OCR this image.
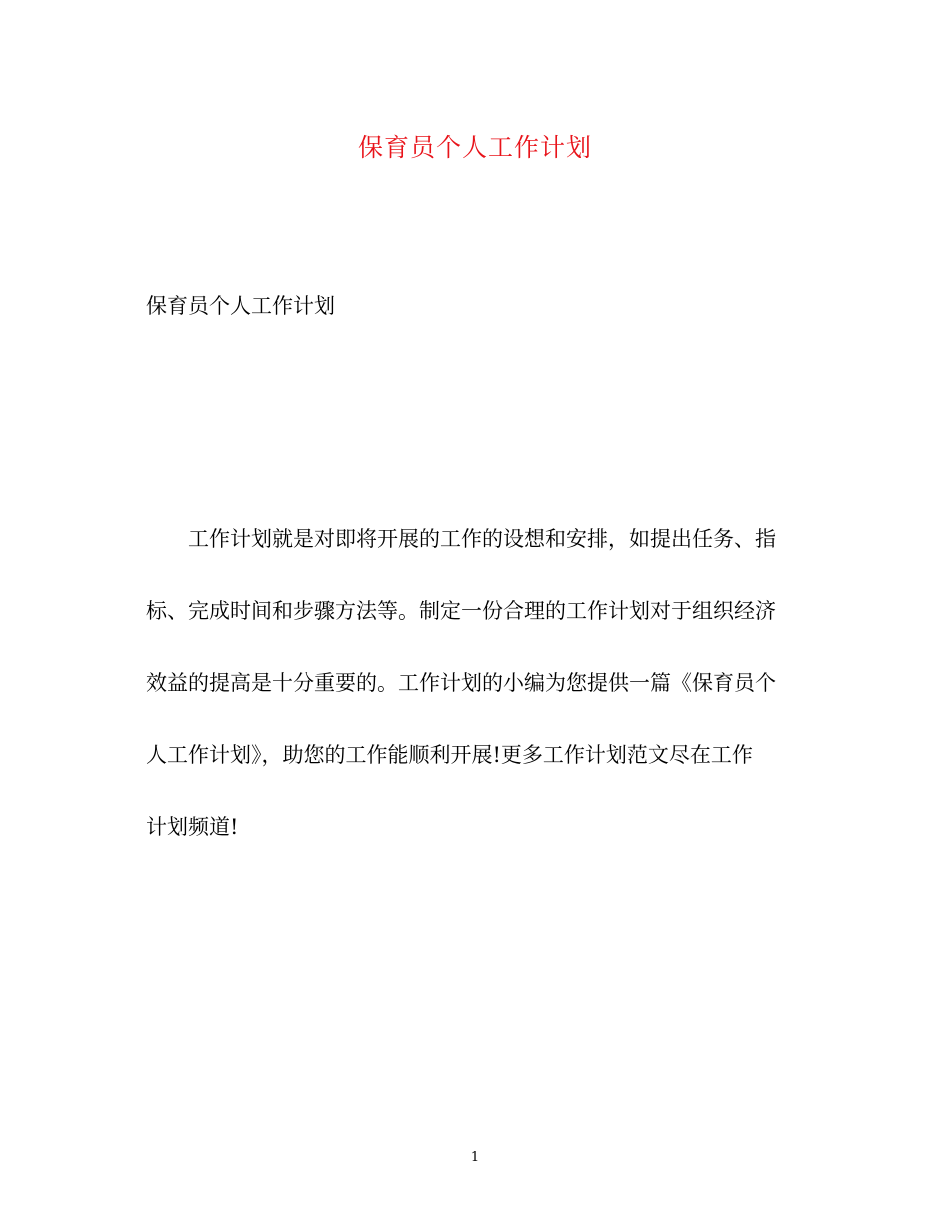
保育员个人工作计划
保育员个人工作计划
工作计划就是对即将开展的工作的设想和安排，如提出任务、指
标、完成时间和步骤方法等。制定一份合理的工作计划对于组织经济
效益的提高是十分重要的。工作计划的小编为您提供一篇《保育员个
人工作计划》，助您的工作能顺利开展!更多工作计划范文尽在工作
计划频道!
1
